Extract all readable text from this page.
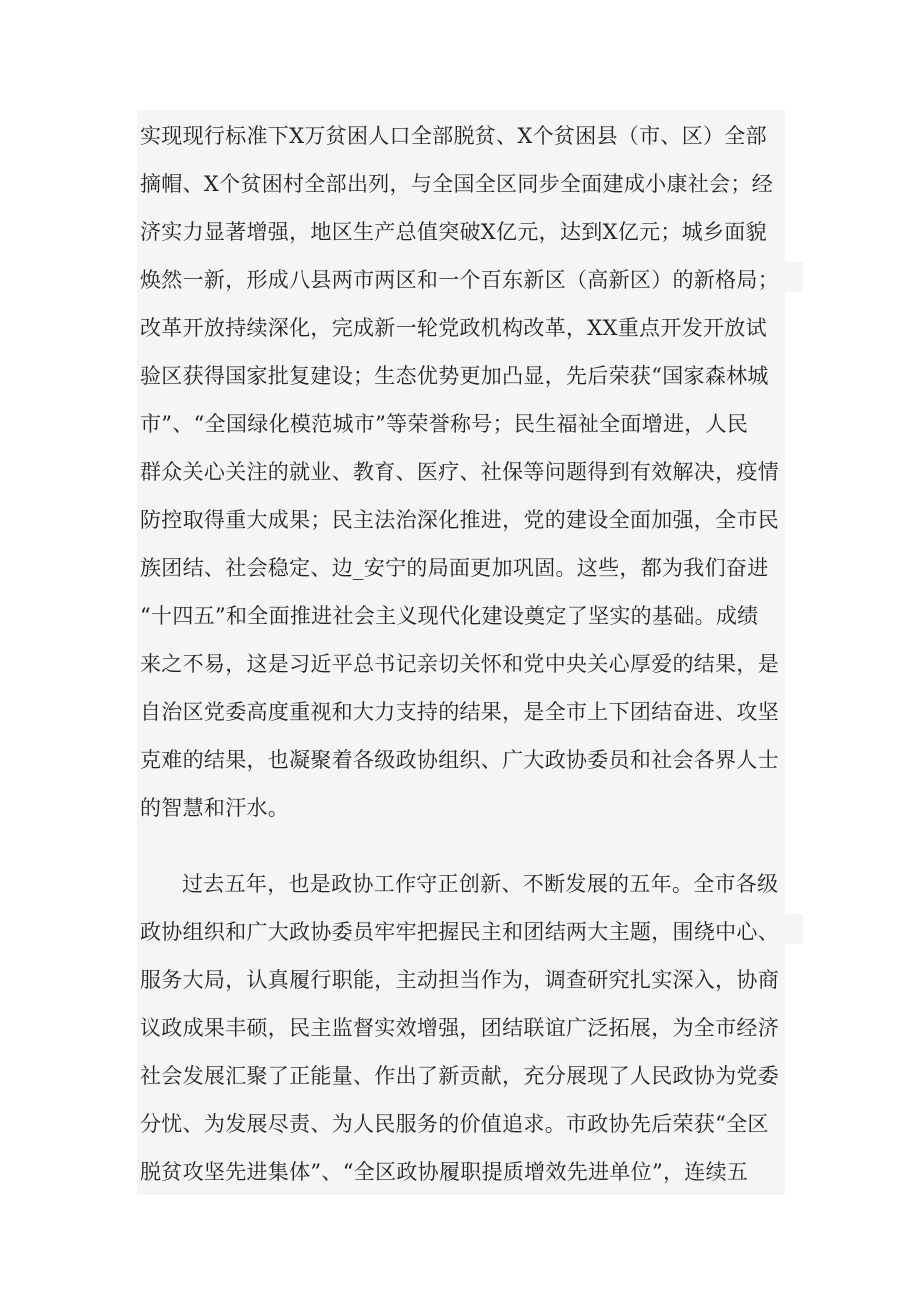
实现现行标准下X万贫困人口全部脱贫、X个贫困县（市、区）全部
摘帽、X个贫困村全部出列，与全国全区同步全面建成小康社会；经
济实力显著增强，地区生产总值突破X亿元，达到X亿元；城乡面貌
焕然一新，形成八县两市两区和一个百东新区（高新区）的新格局；
改革开放持续深化，完成新一轮党政机构改革，XX重点开发开放试
验区获得国家批复建设；生态优势更加凸显，先后荣获“国家森林城
市”、“全国绿化模范城市”等荣誉称号；民生福祉全面增进，人民
群众关心关注的就业、教育、医疗、社保等问题得到有效解决，疫情
防控取得重大成果；民主法治深化推进，党的建设全面加强，全市民
族团结、社会稳定、边_安宁的局面更加巩固。这些，都为我们奋进
“十四五”和全面推进社会主义现代化建设奠定了坚实的基础。成绩
来之不易，这是习近平总书记亲切关怀和党中央关心厚爱的结果，是
自治区党委高度重视和大力支持的结果，是全市上下团结奋进、攻坚
克难的结果，也凝聚着各级政协组织、广大政协委员和社会各界人士
的智慧和汗水。
过去五年，也是政协工作守正创新、不断发展的五年。全市各级
政协组织和广大政协委员牢牢把握民主和团结两大主题，围绕中心、
服务大局，认真履行职能，主动担当作为，调查研究扎实深入，协商
议政成果丰硕，民主监督实效增强，团结联谊广泛拓展，为全市经济
社会发展汇聚了正能量、作出了新贡献，充分展现了人民政协为党委
分忧、为发展尽责、为人民服务的价值追求。市政协先后荣获“全区
脱贫攻坚先进集体”、“全区政协履职提质增效先进单位”，连续五
